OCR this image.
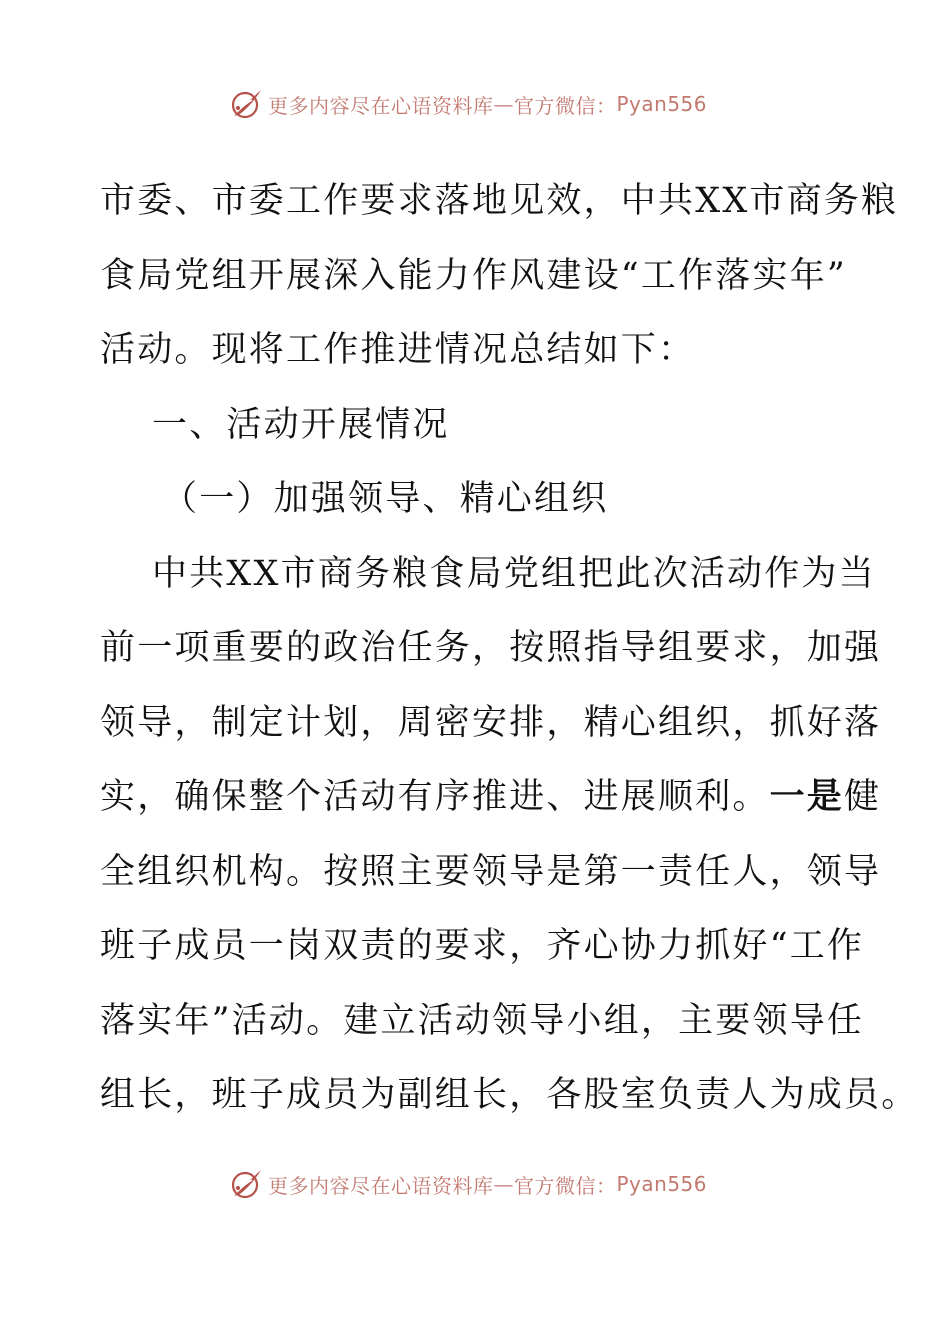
更多内容尽在心语资料库 — 官方微信： Pyan556

市委、市委工作要求落地见效，中共XX市商务粮
食局党组开展深入能力作风建设“工作落实年”
活动。现将工作推进情况总结如下：

一、活动开展情况

（一）加强领导、精心组织

中共XX市商务粮食局党组把此次活动作为当
前一项重要的政治任务，按照指导组要求，加强
领导，制定计划，周密安排，精心组织，抓好落
实，确保整个活动有序推进、进展顺利。一是健
全组织机构。按照主要领导是第一责任人，领导
班子成员一岗双责的要求，齐心协力抓好“工作
落实年”活动。建立活动领导小组，主要领导任
组长，班子成员为副组长，各股室负责人为成员。

更多内容尽在心语资料库 — 官方微信： Pyan556
